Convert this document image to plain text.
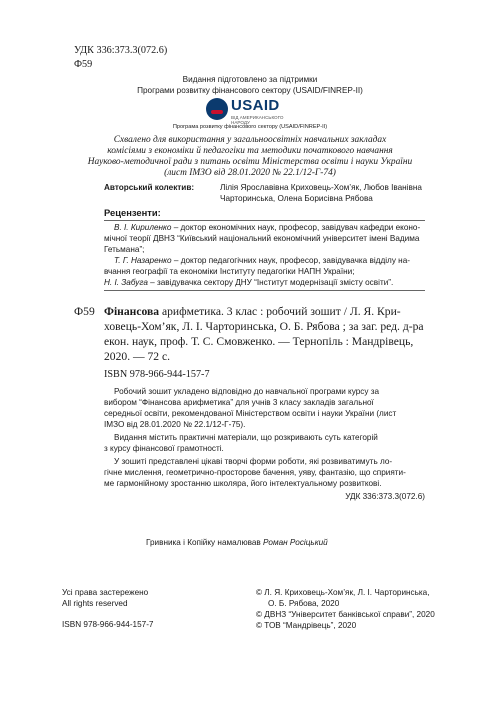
УДК 336:373.3(072.6)
Ф59
Видання підготовлено за підтримки
Програми розвитку фінансового сектору (USAID/FINREP-II)
USAID
ВІД АМЕРИКАНСЬКОГО НАРОДУ
Програма розвитку фінансового сектору (USAID/FINREP-II)
Схвалено для використання у загальноосвітніх навчальних закладах
комісіями з економіки й педагогіки та методики початкового навчання
Науково-методичної ради з питань освіти Міністерства освіти і науки України
(лист ІМЗО від 28.01.2020 № 22.1/12-Г-74)
Авторський колектив:	Лілія Ярославівна Криховець-Хом’як, Любов Іванівна
Чарторинська, Олена Борисівна Рябова
Рецензенти:
В. І. Кириленко – доктор економічних наук, професор, завідувач кафедри еконо-
мічної теорії ДВНЗ “Київський національний економічний університет імені Вадима
Гетьмана”;
Т. Г. Назаренко – доктор педагогічних наук, професор, завідувачка відділу на-
вчання географії та економіки Інституту педагогіки НАПН України;
Н. І. Забуга – завідувачка сектору ДНУ “Інститут модернізації змісту освіти”.
Ф59 Фінансова арифметика. 3 клас : робочий зошит / Л. Я. Кри-
ховець-Хом’як, Л. І. Чарторинська, О. Б. Рябова ; за заг. ред. д-ра
екон. наук, проф. Т. С. Смовженко. — Тернопіль : Мандрівець,
2020. — 72 с.
ISBN 978-966-944-157-7
Робочий зошит укладено відповідно до навчальної програми курсу за
вибором “Фінансова арифметика” для учнів 3 класу закладів загальної
середньої освіти, рекомендованої Міністерством освіти і науки України (лист
ІМЗО від 28.01.2020 № 22.1/12-Г-75).
Видання містить практичні матеріали, що розкривають суть категорій
з курсу фінансової грамотності.
У зошиті представлені цікаві творчі форми роботи, які розвиватимуть ло-
гічне мислення, геометрично-просторове бачення, уяву, фантазію, що сприяти-
ме гармонійному зростанню школяра, його інтелектуальному розвиткові.
УДК 336:373.3(072.6)
Гривника і Копійку намалював Роман Росіцький
Усі права застережено
All rights reserved
ISBN 978-966-944-157-7
© Л. Я. Криховець-Хом’як, Л. І. Чарторинська,
О. Б. Рябова, 2020
© ДВНЗ “Університет банківської справи”, 2020
© ТОВ “Мандрівець”, 2020
